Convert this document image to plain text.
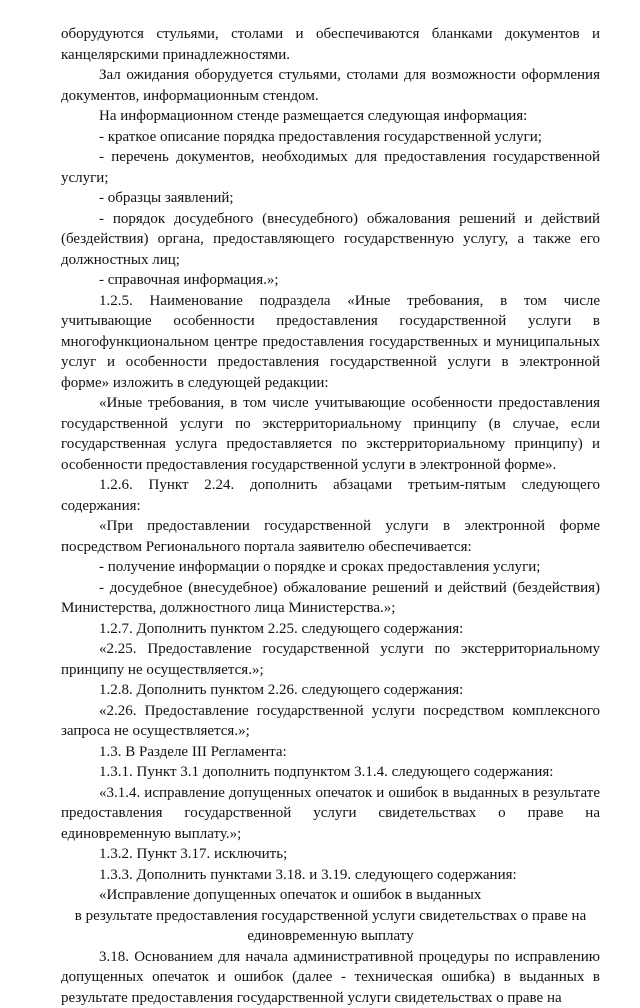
оборудуются стульями, столами и обеспечиваются бланками документов и канцелярскими принадлежностями.

Зал ожидания оборудуется стульями, столами для возможности оформления документов, информационным стендом.

На информационном стенде размещается следующая информация:

- краткое описание порядка предоставления государственной услуги;

- перечень документов, необходимых для предоставления государственной услуги;

- образцы заявлений;

- порядок досудебного (внесудебного) обжалования решений и действий (бездействия) органа, предоставляющего государственную услугу, а также его должностных лиц;

- справочная информация.»;

1.2.5. Наименование подраздела «Иные требования, в том числе учитывающие особенности предоставления государственной услуги в многофункциональном центре предоставления государственных и муниципальных услуг и особенности предоставления государственной услуги в электронной форме» изложить в следующей редакции:

«Иные требования, в том числе учитывающие особенности предоставления государственной услуги по экстерриториальному принципу (в случае, если государственная услуга предоставляется по экстерриториальному принципу) и особенности предоставления государственной услуги в электронной форме».

1.2.6. Пункт 2.24. дополнить абзацами третьим-пятым следующего содержания:

«При предоставлении государственной услуги в электронной форме посредством Регионального портала заявителю обеспечивается:

- получение информации о порядке и сроках предоставления услуги;

- досудебное (внесудебное) обжалование решений и действий (бездействия) Министерства, должностного лица Министерства.»;

1.2.7. Дополнить пунктом 2.25. следующего содержания:

«2.25. Предоставление государственной услуги по экстерриториальному принципу не осуществляется.»;

1.2.8. Дополнить пунктом 2.26. следующего содержания:

«2.26. Предоставление государственной услуги посредством комплексного запроса не осуществляется.»;

1.3. В Разделе III Регламента:

1.3.1. Пункт 3.1 дополнить подпунктом 3.1.4. следующего содержания:

«3.1.4. исправление допущенных опечаток и ошибок в выданных в результате предоставления государственной услуги свидетельствах о праве на единовременную выплату.»;

1.3.2. Пункт 3.17. исключить;

1.3.3. Дополнить пунктами 3.18. и 3.19. следующего содержания:

«Исправление допущенных опечаток и ошибок в выданных

в результате предоставления государственной услуги свидетельствах о праве на единовременную выплату

3.18. Основанием для начала административной процедуры по исправлению допущенных опечаток и ошибок (далее - техническая ошибка) в выданных в результате предоставления государственной услуги свидетельствах о праве на
